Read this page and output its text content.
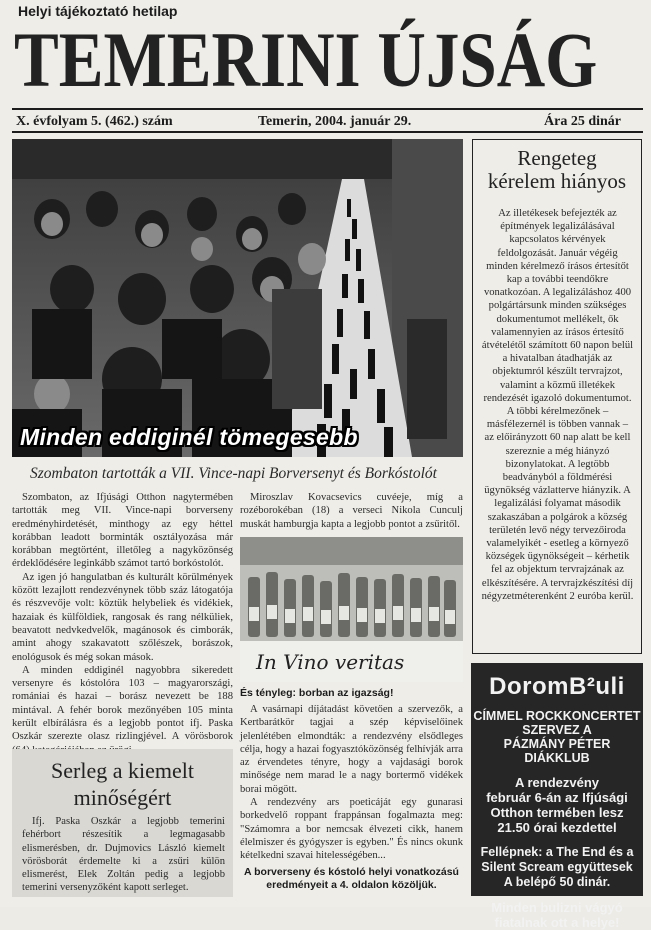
Helyi tájékoztató hetilap
TEMERINI ÚJSÁG
X. évfolyam 5. (462.) szám	Temerin, 2004. január 29.	Ára 25 dinár
Minden eddiginél tömegesebb
Szombaton tartották a VII. Vince-napi Borversenyt és Borkóstolót

Szombaton, az Ifjúsági Otthon nagytermében tartották meg VII. Vince-napi borverseny eredményhirdetését, minthogy az egy héttel korábban leadott borminták osztályozása már korábban megtörtént, illetőleg a nagyközönség érdeklődésére leginkább számot tartó borkóstolót.

Az igen jó hangulatban és kulturált körülmények között lezajlott rendezvénynek több száz látogatója és részvevője volt: köztük helybeliek és vidékiek, hazaiak és külföldiek, rangosak és rang nélküliek, beavatott nedvkedvelők, magánosok és cimborák, amint ahogy szakavatott szőlészek, borászok, enológusok és még sokan mások.

A minden eddiginél nagyobbra sikeredett versenyre és kóstolóra 103 – magyarországi, romániai és hazai – borász nevezett be 188 mintával. A fehér borok mezőnyében 105 minta került elbírálásra és a legjobb pontot ifj. Paska Oszkár szerezte olasz rizlingjével. A vörösborok

Serleg a kiemelt
minőségért

Ifj. Paska Oszkár a legjobb temerini fehérbort részesítik a legmagasabb elismerésben, dr. Dujmovics László kiemelt vörösborát érdemelte ki a zsűri külön elismerést, Elek Zoltán pedig a legjobb temerini versenyzőként kapott serleget.

Miroszlav Kovacsevics cuvéeje, míg a rozéborokéban (18) a verseci Nikola Cunculj muskát hamburgja kapta a legjobb pontot a zsűritől.

In Vino veritas
És tényleg: borban az igazság!

A vasárnapi díjátadást követően a szervezők, a Kertbarátkör tagjai a szép képviselőinek jelenlétében elmondták: a rendezvény elsődleges célja, hogy a hazai fogyasztóközönség felhívják arra az érvendetes tényre, hogy a vajdasági borok minősége nem marad le a nagy bortermő vidékek borai mögött.

A rendezvény ars poeticáját egy gunarasi borkedvelő roppant frappánsan fogalmazta meg: "Számomra a bor nemcsak élvezeti cikk, hanem élelmiszer és gyógyszer is egyben." És nincs okunk kételkedni szavai hitelességében...

A borverseny és kóstoló helyi vonatkozású eredményeit a 4. oldalon közöljük.
Rengeteg
kérelem hiányos
Az illetékesek befejezték az építmények legalizálásával kapcsolatos kérvények feldolgozását. Január végéig minden kérelmező írásos értesítőt kap a további teendőkre vonatkozóan. A legalizáláshoz 400 polgártársunk minden szükséges dokumentumot mellékelt, ők valamennyien az írásos értesítő átvételétől számított 60 napon belül a hivatalban átadhatják az objektumról készült tervrajzot, valamint a közmű illetékek rendezését igazoló dokumentumot. A többi kérelmezőnek – másfélezernél is többen vannak – az előirányzott 60 nap alatt be kell szereznie a még hiányzó bizonylatokat. A legtöbb beadványból a földmérési ügynökség vázlatterve hiányzik. A legalizálási folyamat második szakaszában a polgárok a község területén levő négy tervezőiroda valamelyikét - esetleg a környező községek ügynökségeit – kérhetik fel az objektum tervrajzának az elkészítésére. A tervrajzkészítési díj négyzetméterenként 2 euróba kerül.
DoromB²uli
CÍMMEL ROCKKONCERTET
SZERVEZ A
PÁZMÁNY PÉTER DIÁKKLUB
A rendezvény
február 6-án az Ifjúsági
Otthon termében lesz
21.50 órai kezdettel
Fellépnek: a The End és a
Silent Scream együttesek
A belépő 50 dinár.
Minden bulizni vágyó
fiatalnak ott a helye!
